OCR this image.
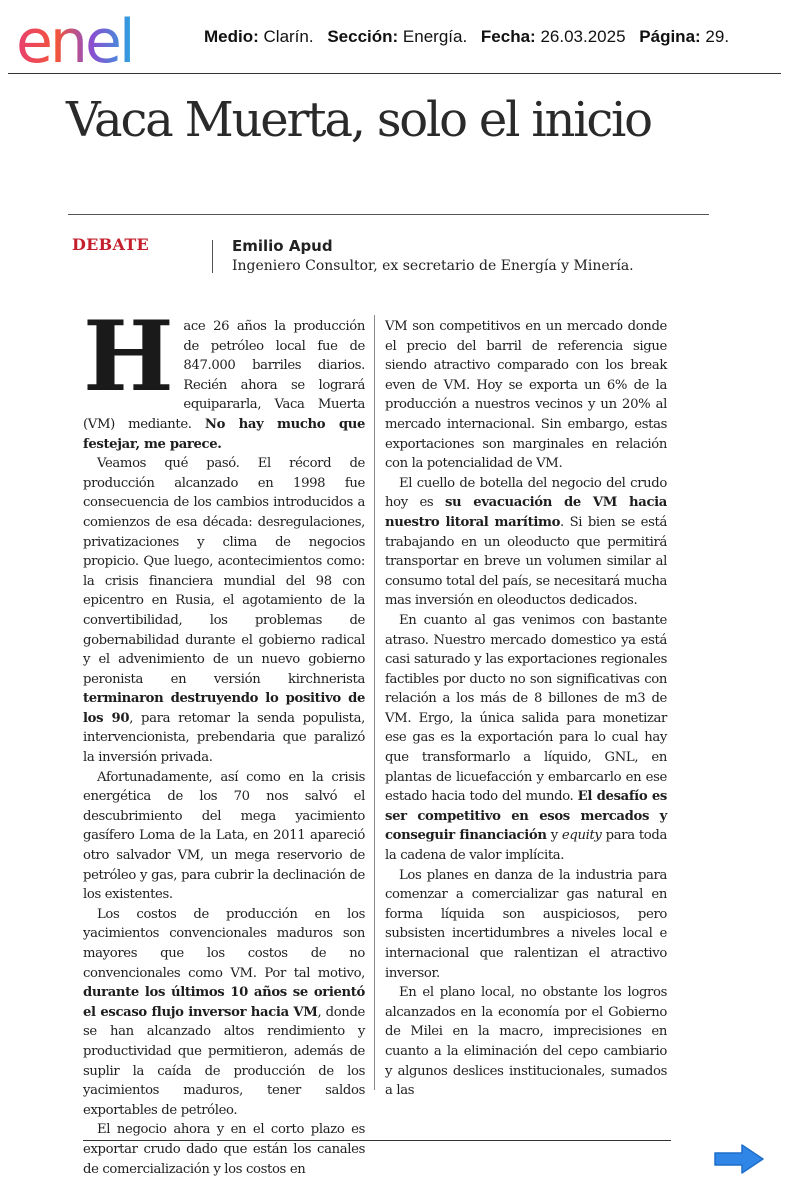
enel	Medio: Clarín. Sección: Energía. Fecha: 26.03.2025 Página: 29.
Vaca Muerta, solo el inicio
DEBATE	Emilio Apud
Ingeniero Consultor, ex secretario de Energía y Minería.

Hace 26 años la producción de petróleo local fue de 847.000 barriles diarios. Recién ahora se logrará equipararla, Vaca Muerta (VM) mediante. No hay mucho que festejar, me parece.

Veamos qué pasó. El récord de producción alcanzado en 1998 fue consecuencia de los cambios introducidos a comienzos de esa década: desregulaciones, privatizaciones y clima de negocios propicio. Que luego, acontecimientos como: la crisis financiera mundial del 98 con epicentro en Rusia, el agotamiento de la convertibilidad, los problemas de gobernabilidad durante el gobierno radical y el advenimiento de un nuevo gobierno peronista en versión kirchnerista terminaron destruyendo lo positivo de los 90, para retomar la senda populista, intervencionista, prebendaria que paralizó la inversión privada.

Afortunadamente, así como en la crisis energética de los 70 nos salvó el descubrimiento del mega yacimiento gasífero Loma de la Lata, en 2011 apareció otro salvador VM, un mega reservorio de petróleo y gas, para cubrir la declinación de los existentes.

Los costos de producción en los yacimientos convencionales maduros son mayores que los costos de no convencionales como VM. Por tal motivo, durante los últimos 10 años se orientó el escaso flujo inversor hacia VM, donde se han alcanzado altos rendimiento y productividad que permitieron, además de suplir la caída de producción de los yacimientos maduros, tener saldos exportables de petróleo.

El negocio ahora y en el corto plazo es exportar crudo dado que están los canales de comercialización y los costos en

VM son competitivos en un mercado donde el precio del barril de referencia sigue siendo atractivo comparado con los break even de VM. Hoy se exporta un 6% de la producción a nuestros vecinos y un 20% al mercado internacional. Sin embargo, estas exportaciones son marginales en relación con la potencialidad de VM.

El cuello de botella del negocio del crudo hoy es su evacuación de VM hacia nuestro litoral marítimo. Si bien se está trabajando en un oleoducto que permitirá transportar en breve un volumen similar al consumo total del país, se necesitará mucha mas inversión en oleoductos dedicados.

En cuanto al gas venimos con bastante atraso. Nuestro mercado domestico ya está casi saturado y las exportaciones regionales factibles por ducto no son significativas con relación a los más de 8 billones de m3 de VM. Ergo, la única salida para monetizar ese gas es la exportación para lo cual hay que transformarlo a líquido, GNL, en plantas de licuefacción y embarcarlo en ese estado hacia todo del mundo. El desafío es ser competitivo en esos mercados y conseguir financiación y equity para toda la cadena de valor implícita.

Los planes en danza de la industria para comenzar a comercializar gas natural en forma líquida son auspiciosos, pero subsisten incertidumbres a niveles local e internacional que ralentizan el atractivo inversor.

En el plano local, no obstante los logros alcanzados en la economía por el Gobierno de Milei en la macro, imprecisiones en cuanto a la eliminación del cepo cambiario y algunos deslices institucionales, sumados a las
